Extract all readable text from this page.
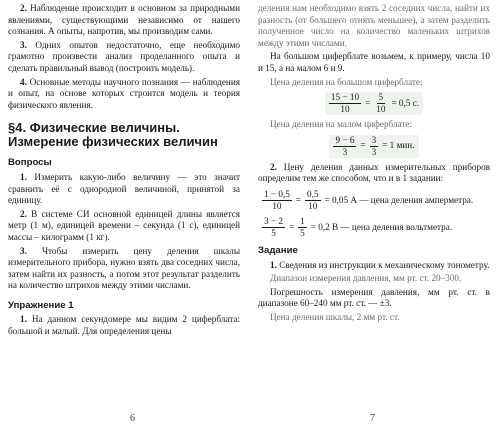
2. Наблюдение происходит в основном за природными явлениями, существующими независимо от нашего сознания. А опыты, напротив, мы производим сами.

3. Одних опытов недостаточно, еще необходимо грамотно произвести анализ проделанного опыта и сделать правильный вывод (построить модель).

4. Основные методы научного познания — наблюдения и опыт, на основе которых строится модель и теория физического явления.

§4. Физические величины. Измерение физических величин
Вопросы

1. Измерить какую-либо величину — это значит сравнить её с однородной величиной, принятой за единицу.

2. В системе СИ основной единицей длины является метр (1 м), единицей времени – секунда (1 с), единицей массы – килограмм (1 кг).

3. Чтобы измерить цену деления шкалы измерительного прибора, нужно взять два соседних числа, затем найти их разность, а потом этот результат разделить на количество штрихов между этими числами.

Упражнение 1

1. На данном секундомере мы видим 2 циферблата: большой и малый. Для определения цены

6

деления нам необходимо взять 2 соседних числа, найти их разность (от большего отнять меньшее), а затем разделить полученное число на количество маленьких штрихов между этими числами.

На большом циферблате возьмем, к примеру, числа 10 и 15, а на малом 6 и 9.

Цена деления на большом циферблате:

$\frac{15 - 10}{10} = \frac{5}{10} = 0,5$ с.

Цена деления на малом циферблате:

$\frac{9 - 6}{3} = \frac{3}{3} = 1$ мин.

2. Цену деления данных измерительных приборов определим тем же способом, что и в 1 задании:

$\frac{1 - 0,5}{10} = \frac{0,5}{10} = 0,05$ А — цена деления амперметра.
$\frac{3 - 2}{5} = \frac{1}{5} = 0,2$ В — цена деления вольтметра.
Задание

1. Сведения из инструкции к механическому тонометру.

Диапазон измерения давления, мм рт. ст. 20–300.

Погрешность измерения давления, мм рт. ст. в диапазоне 60–240 мм рт. ст. — ±3.

Цена деления шкалы, 2 мм рт. ст.

7
